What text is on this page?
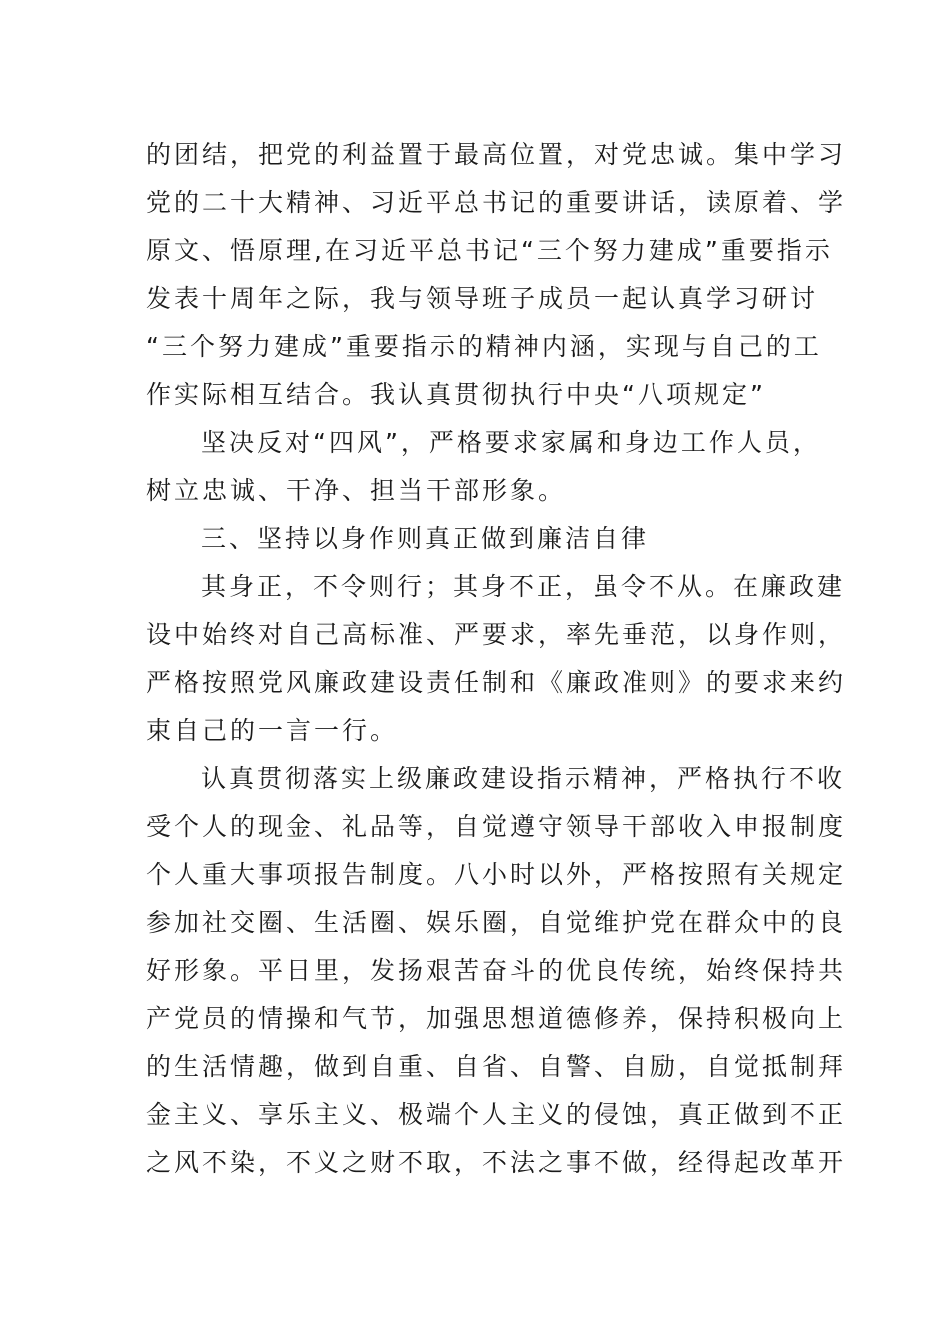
的团结，把党的利益置于最高位置，对党忠诚。集中学习
党的二十大精神、习近平总书记的重要讲话，读原着、学
原文、悟原理,在习近平总书记“三个努力建成”重要指示
发表十周年之际，我与领导班子成员一起认真学习研讨
“三个努力建成”重要指示的精神内涵，实现与自己的工
作实际相互结合。我认真贯彻执行中央“八项规定”
坚决反对“四风”，严格要求家属和身边工作人员，
树立忠诚、干净、担当干部形象。
三、坚持以身作则真正做到廉洁自律
其身正，不令则行；其身不正，虽令不从。在廉政建
设中始终对自己高标准、严要求，率先垂范，以身作则，
严格按照党风廉政建设责任制和《廉政准则》的要求来约
束自己的一言一行。
认真贯彻落实上级廉政建设指示精神，严格执行不收
受个人的现金、礼品等，自觉遵守领导干部收入申报制度
个人重大事项报告制度。八小时以外，严格按照有关规定
参加社交圈、生活圈、娱乐圈，自觉维护党在群众中的良
好形象。平日里，发扬艰苦奋斗的优良传统，始终保持共
产党员的情操和气节，加强思想道德修养，保持积极向上
的生活情趣，做到自重、自省、自警、自励，自觉抵制拜
金主义、享乐主义、极端个人主义的侵蚀，真正做到不正
之风不染，不义之财不取，不法之事不做，经得起改革开
